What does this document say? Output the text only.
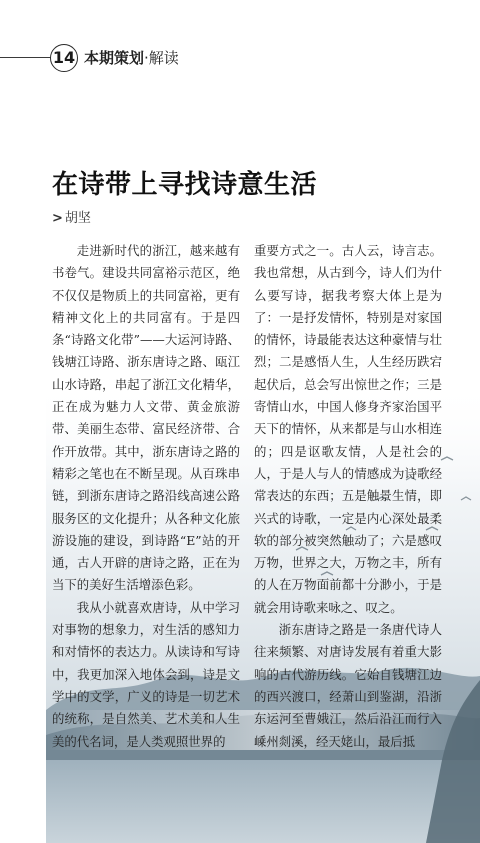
14 本期策划·解读
在诗带上寻找诗意生活
> 胡坚

走进新时代的浙江，越来越有书卷气。建设共同富裕示范区，绝不仅仅是物质上的共同富裕，更有精神文化上的共同富有。于是四条“诗路文化带”——大运河诗路、钱塘江诗路、浙东唐诗之路、瓯江山水诗路，串起了浙江文化精华，正在成为魅力人文带、黄金旅游带、美丽生态带、富民经济带、合作开放带。其中，浙东唐诗之路的精彩之笔也在不断呈现。从百珠串链，到浙东唐诗之路沿线高速公路服务区的文化提升；从各种文化旅游设施的建设，到诗路“E”站的开通，古人开辟的唐诗之路，正在为当下的美好生活增添色彩。

我从小就喜欢唐诗，从中学习对事物的想象力，对生活的感知力和对情怀的表达力。从读诗和写诗中，我更加深入地体会到，诗是文学中的文学，广义的诗是一切艺术的统称，是自然美、艺术美和人生美的代名词，是人类观照世界的

重要方式之一。古人云，诗言志。我也常想，从古到今，诗人们为什么要写诗，据我考察大体上是为了：一是抒发情怀，特别是对家国的情怀，诗最能表达这种豪情与壮烈；二是感悟人生，人生经历跌宕起伏后，总会写出惊世之作；三是寄情山水，中国人修身齐家治国平天下的情怀，从来都是与山水相连的；四是讴歌友情，人是社会的人，于是人与人的情感成为诗歌经常表达的东西；五是触景生情，即兴式的诗歌，一定是内心深处最柔软的部分被突然触动了；六是感叹万物，世界之大，万物之丰，所有的人在万物面前都十分渺小，于是就会用诗歌来咏之、叹之。

浙东唐诗之路是一条唐代诗人往来频繁、对唐诗发展有着重大影响的古代游历线。它始自钱塘江边的西兴渡口，经萧山到鉴湖，沿浙东运河至曹娥江，然后沿江而行入嵊州剡溪，经天姥山，最后抵
